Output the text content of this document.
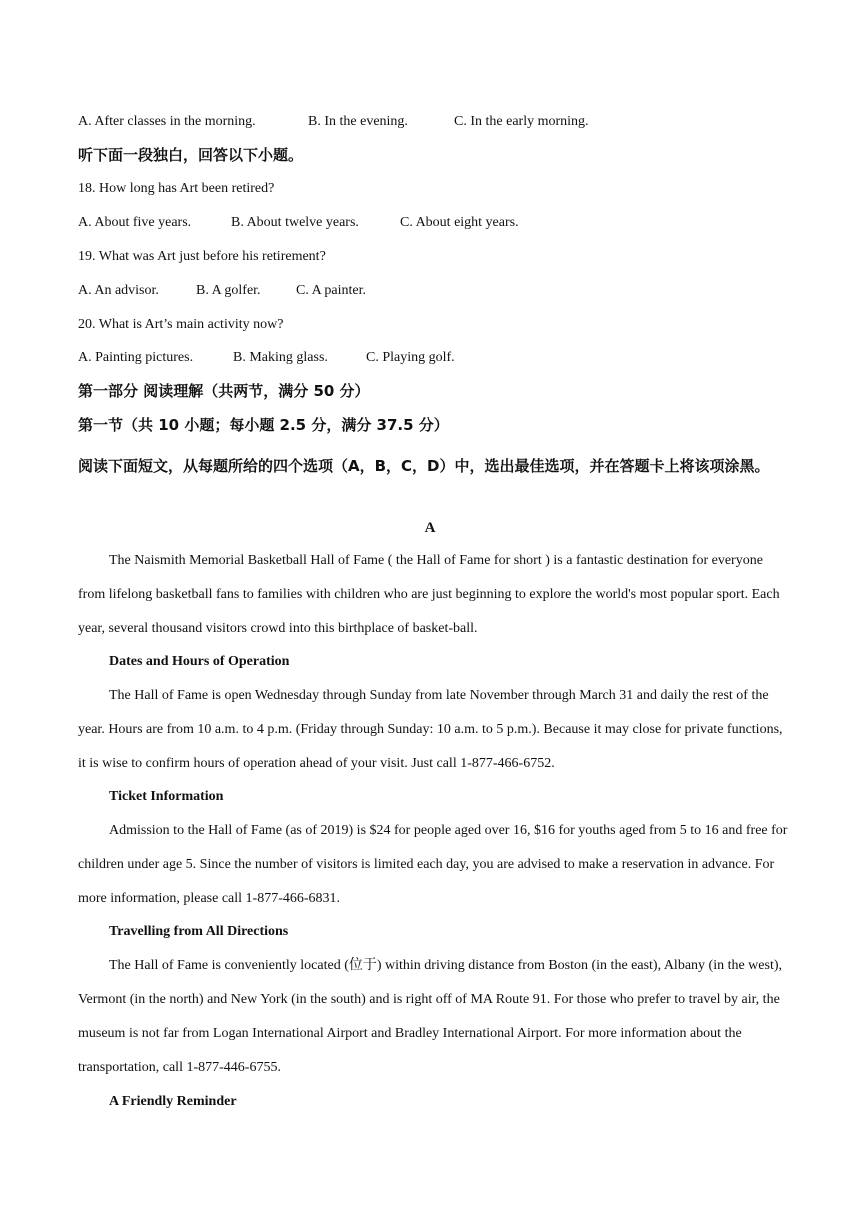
A. After classes in the morning.	B. In the evening.	C. In the early morning.
听下面一段独白，回答以下小题。
18. How long has Art been retired?
A. About five years.	B. About twelve years.	C. About eight years.
19. What was Art just before his retirement?
A. An advisor.	B. A golfer.	C. A painter.
20. What is Art’s main activity now?
A. Painting pictures.	B. Making glass.	C. Playing golf.
第一部分 阅读理解（共两节，满分 50 分）
第一节（共 10 小题；每小题 2.5 分，满分 37.5 分）
阅读下面短文，从每题所给的四个选项（A，B，C，D）中，选出最佳选项，并在答题卡上将该项涂黑。
A
The Naismith Memorial Basketball Hall of Fame ( the Hall of Fame for short ) is a fantastic destination for everyone from lifelong basketball fans to families with children who are just beginning to explore the world's most popular sport. Each year, several thousand visitors crowd into this birthplace of basket-ball.
Dates and Hours of Operation
The Hall of Fame is open Wednesday through Sunday from late November through March 31 and daily the rest of the year. Hours are from 10 a.m. to 4 p.m. (Friday through Sunday: 10 a.m. to 5 p.m.). Because it may close for private functions, it is wise to confirm hours of operation ahead of your visit. Just call 1-877-466-6752.
Ticket Information
Admission to the Hall of Fame (as of 2019) is $24 for people aged over 16, $16 for youths aged from 5 to 16 and free for children under age 5. Since the number of visitors is limited each day, you are advised to make a reservation in advance. For more information, please call 1-877-466-6831.
Travelling from All Directions
The Hall of Fame is conveniently located (位于) within driving distance from Boston (in the east), Albany (in the west), Vermont (in the north) and New York (in the south) and is right off of MA Route 91. For those who prefer to travel by air, the museum is not far from Logan International Airport and Bradley International Airport. For more information about the transportation, call 1-877-446-6755.
A Friendly Reminder
